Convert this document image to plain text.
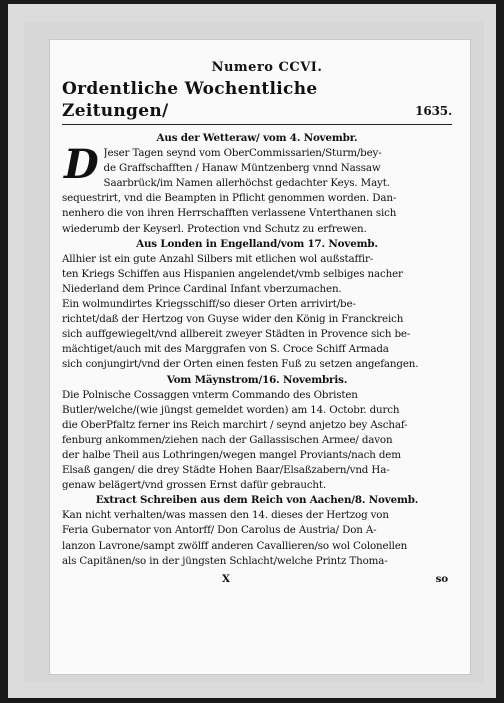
Numero CCVI.
Ordentliche Wochentliche Zeitungen/	1635.

Aus der Wetteraw/ vom 4. Novembr.

D Jeser Tagen seynd vom OberCommissarien/Sturm/bey-
de Graffschafften / Hanaw Müntzenberg vnnd Nassaw
Saarbrück/im Namen allerhöchst gedachter Keys. Mayt.
sequestrirt, vnd die Beampten in Pflicht genommen worden. Dan-
nenhero die von ihren Herrschafften verlassene Vnterthanen sich
wiederumb der Keyserl. Protection vnd Schutz zu erfrewen.

Aus Londen in Engelland/vom 17. Novemb.

Allhier ist ein gute Anzahl Silbers mit etlichen wol außstaffir-
ten Kriegs Schiffen aus Hispanien angelendet/vmb selbiges nacher
Niederland dem Prince Cardinal Infant vberzumachen.
Ein wolmundirtes Kriegsschiff/so dieser Orten arrivirt/be-
richtet/daß der Hertzog von Guyse wider den König in Franckreich
sich auffgewiegelt/vnd allbereit zweyer Städten in Provence sich be-
mächtiget/auch mit des Marggrafen von S. Croce Schiff Armada
sich conjungirt/vnd der Orten einen festen Fuß zu setzen angefangen.

Vom Mäynstrom/16. Novembris.

Die Polnische Cossaggen vnterm Commando des Obristen
Butler/welche/(wie jüngst gemeldet worden) am 14. Octobr. durch
die OberPfaltz ferner ins Reich marchirt / seynd anjetzo bey Aschaf-
fenburg ankommen/ziehen nach der Gallassischen Armee/ davon
der halbe Theil aus Lothringen/wegen mangel Proviants/nach dem
Elsaß gangen/ die drey Städte Hohen Baar/Elsaßzabern/vnd Ha-
genaw belägert/vnd grossen Ernst dafür gebraucht.

Extract Schreiben aus dem Reich von Aachen/8. Novemb.

Kan nicht verhalten/was massen den 14. dieses der Hertzog von
Feria Gubernator von Antorff/ Don Carolus de Austria/ Don A-
lanzon Lavrone/sampt zwölff anderen Cavallieren/so wol Colonellen
als Capitänen/so in der jüngsten Schlacht/welche Printz Thoma-
X	so
